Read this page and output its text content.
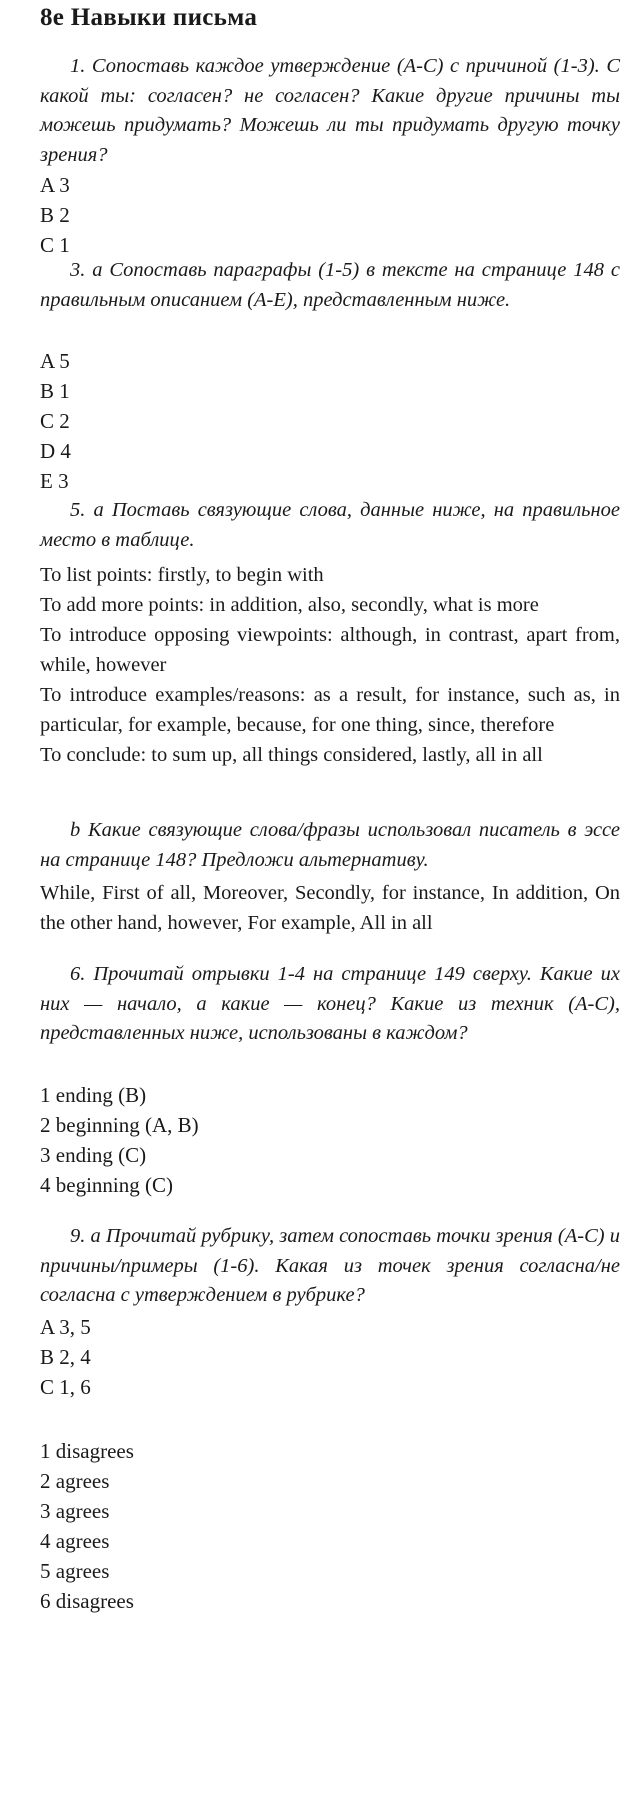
8e Навыки письма
1. Сопоставь каждое утверждение (А-С) с причиной (1-3). С какой ты: согласен? не согласен? Какие другие причины ты можешь придумать? Можешь ли ты придумать другую точку зрения?
A 3
B 2
C 1
3. а Сопоставь параграфы (1-5) в тексте на странице 148 с правильным описанием (А-Е), представленным ниже.
A 5
B 1
C 2
D 4
E 3
5. а Поставь связующие слова, данные ниже, на правильное место в таблице.
To list points: firstly, to begin with
To add more points: in addition, also, secondly, what is more
To introduce opposing viewpoints: although, in contrast, apart from, while, however
To introduce examples/reasons: as a result, for instance, such as, in particular, for example, because, for one thing, since, therefore
To conclude: to sum up, all things considered, lastly, all in all
b Какие связующие слова/фразы использовал писатель в эссе на странице 148? Предложи альтернативу.
While, First of all, Moreover, Secondly, for instance, In addition, On the other hand, however, For example, All in all
6. Прочитай отрывки 1-4 на странице 149 сверху. Какие их них — начало, а какие — конец? Какие из техник (А-С), представленных ниже, использованы в каждом?
1 ending (B)
2 beginning (A, B)
3 ending (C)
4 beginning (C)
9. а Прочитай рубрику, затем сопоставь точки зрения (А-С) и причины/примеры (1-6). Какая из точек зрения согласна/не согласна с утверждением в рубрике?
A 3, 5
B 2, 4
C 1, 6
1 disagrees
2 agrees
3 agrees
4 agrees
5 agrees
6 disagrees
